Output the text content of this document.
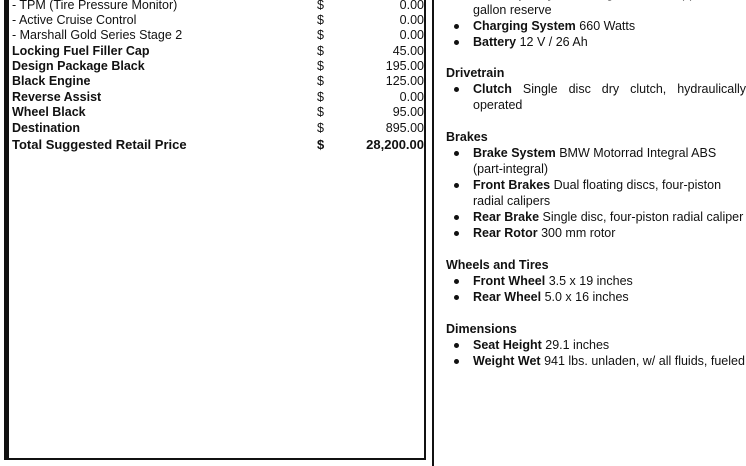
- TPM (Tire Pressure Monitor)	$	0.00
- Active Cruise Control	$	0.00
- Marshall Gold Series Stage 2	$	0.00
Locking Fuel Filler Cap	$	45.00
Design Package Black	$	195.00
Black Engine	$	125.00
Reverse Assist	$	0.00
Wheel Black	$	95.00
Destination	$	895.00
Total Suggested Retail Price	$	28,200.00

gallon reserve
Charging System 660 Watts
Battery 12 V / 26 Ah

Drivetrain

Clutch Single disc dry clutch, hydraulically operated

Brakes

Brake System BMW Motorrad Integral ABS (part-integral)
Front Brakes Dual floating discs, four-piston radial calipers
Rear Brake Single disc, four-piston radial caliper
Rear Rotor 300 mm rotor

Wheels and Tires

Front Wheel 3.5 x 19 inches
Rear Wheel 5.0 x 16 inches

Dimensions

Seat Height 29.1 inches
Weight Wet 941 lbs. unladen, w/ all fluids, fueled
